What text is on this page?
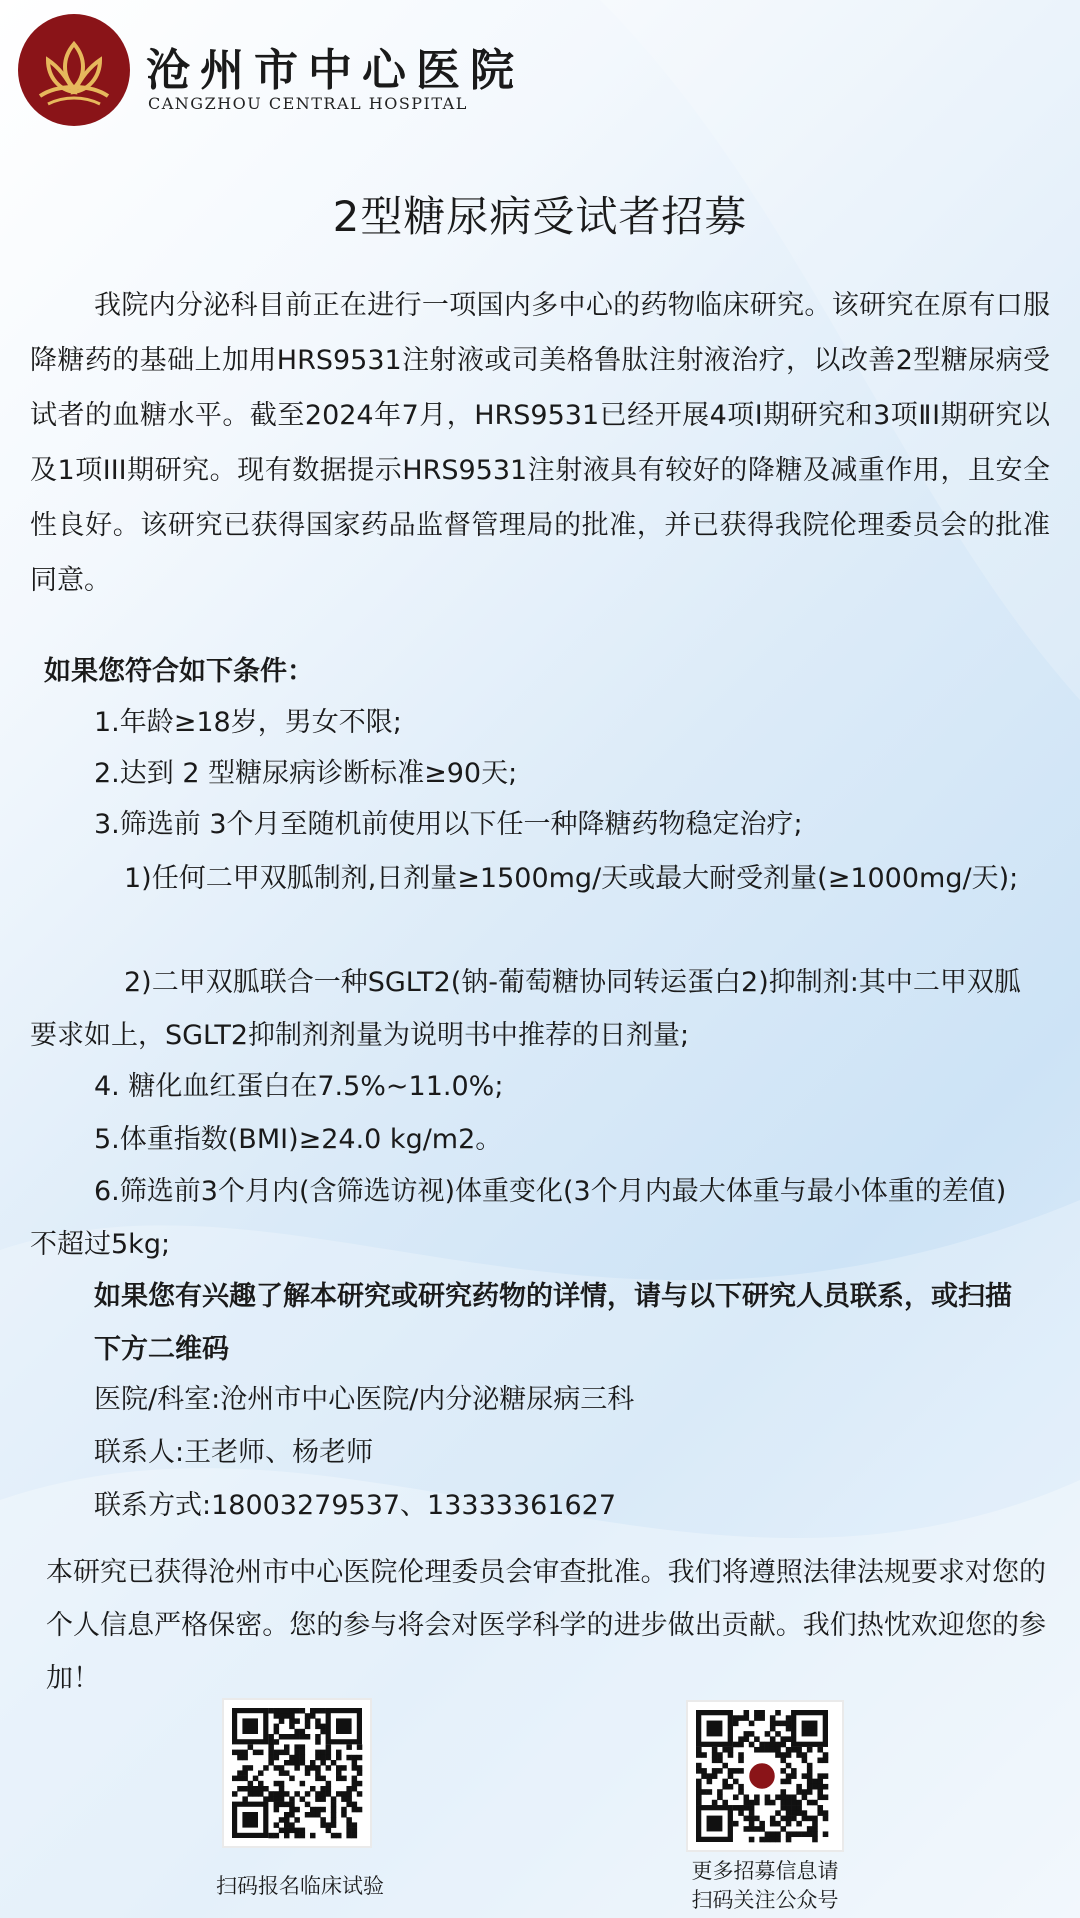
沧州市中心医院
CANGZHOU CENTRAL HOSPITAL
2型糖尿病受试者招募
我院内分泌科目前正在进行一项国内多中心的药物临床研究。该研究在原有口服降糖药的基础上加用HRS9531注射液或司美格鲁肽注射液治疗，以改善2型糖尿病受试者的血糖水平。截至2024年7月，HRS9531已经开展4项I期研究和3项ⅡI期研究以及1项III期研究。现有数据提示HRS9531注射液具有较好的降糖及减重作用，且安全性良好。该研究已获得国家药品监督管理局的批准，并已获得我院伦理委员会的批准同意。
如果您符合如下条件：
1.年龄≥18岁，男女不限;
2.达到 2 型糖尿病诊断标准≥90天;
3.筛选前 3个月至随机前使用以下任一种降糖药物稳定治疗;
1)任何二甲双胍制剂,日剂量≥1500mg/天或最大耐受剂量(≥1000mg/天);
2)二甲双胍联合一种SGLT2(钠-葡萄糖协同转运蛋白2)抑制剂:其中二甲双胍要求如上，SGLT2抑制剂剂量为说明书中推荐的日剂量;
4. 糖化血红蛋白在7.5%~11.0%;
5.体重指数(BMI)≥24.0 kg/m2。
6.筛选前3个月内(含筛选访视)体重变化(3个月内最大体重与最小体重的差值)不超过5kg;
如果您有兴趣了解本研究或研究药物的详情，请与以下研究人员联系，或扫描下方二维码
医院/科室:沧州市中心医院/内分泌糖尿病三科
联系人:王老师、杨老师
联系方式:18003279537、13333361627
本研究已获得沧州市中心医院伦理委员会审查批准。我们将遵照法律法规要求对您的个人信息严格保密。您的参与将会对医学科学的进步做出贡献。我们热忱欢迎您的参加！
扫码报名临床试验
更多招募信息请
扫码关注公众号
